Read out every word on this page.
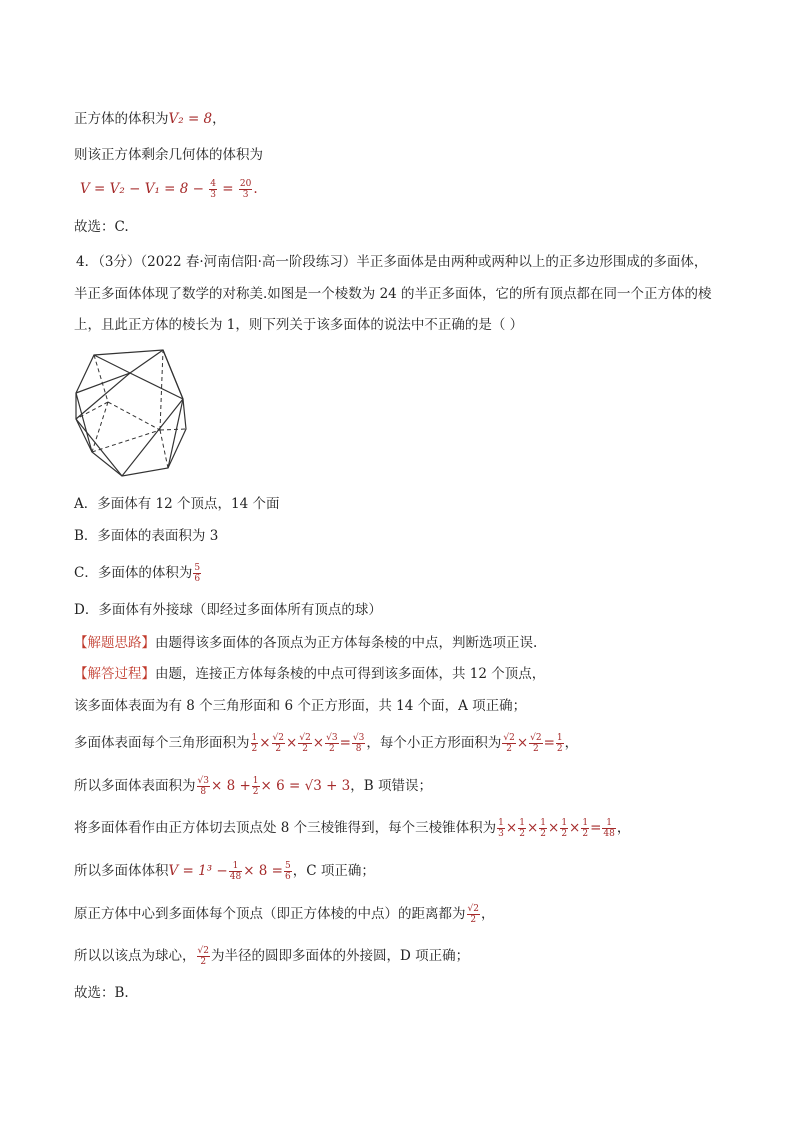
正方体的体积为V₂ = 8，
则该正方体剩余几何体的体积为
$V = V_2 - V_1 = 8 - \frac{4}{3} = \frac{20}{3}$ .
故选：C.
4．（3分）（2022 春·河南信阳·高一阶段练习）半正多面体是由两种或两种以上的正多边形围成的多面体，
半正多面体体现了数学的对称美.如图是一个棱数为 24 的半正多面体，它的所有顶点都在同一个正方体的棱
上，且此正方体的棱长为 1，则下列关于该多面体的说法中不正确的是（ ）
A．多面体有 12 个顶点，14 个面
B．多面体的表面积为 3
C．多面体的体积为 $\frac{5}{6}$
D．多面体有外接球（即经过多面体所有顶点的球）
【解题思路】由题得该多面体的各顶点为正方体每条棱的中点，判断选项正误.
【解答过程】由题，连接正方体每条棱的中点可得到该多面体，共 12 个顶点，
该多面体表面为有 8 个三角形面和 6 个正方形面，共 14 个面，A 项正确；
多面体表面每个三角形面积为 $\frac{1}{2} \times \frac{√2}{2} \times \frac{√2}{2} \times \frac{√3}{2} = \frac{√3}{8}$ ，每个小正方形面积为 $\frac{√2}{2} \times \frac{√2}{2} = \frac{1}{2}$ ，
所以多面体表面积为 $\frac{√3}{8} \times 8 + \frac{1}{2} \times 6 = √3 + 3$，B 项错误；
将多面体看作由正方体切去顶点处 8 个三棱锥得到，每个三棱锥体积为 $\frac{1}{3} \times \frac{1}{2} \times \frac{1}{2} \times \frac{1}{2} \times \frac{1}{2} = \frac{1}{48}$ ，
所以多面体体积$V = 1^3 - \frac{1}{48} \times 8 = \frac{5}{6}$ ，C 项正确；
原正方体中心到多面体每个顶点（即正方体棱的中点）的距离都为 $\frac{√2}{2}$ ，
所以以该点为球心， $\frac{√2}{2}$ 为半径的圆即多面体的外接圆，D 项正确；
故选：B.
